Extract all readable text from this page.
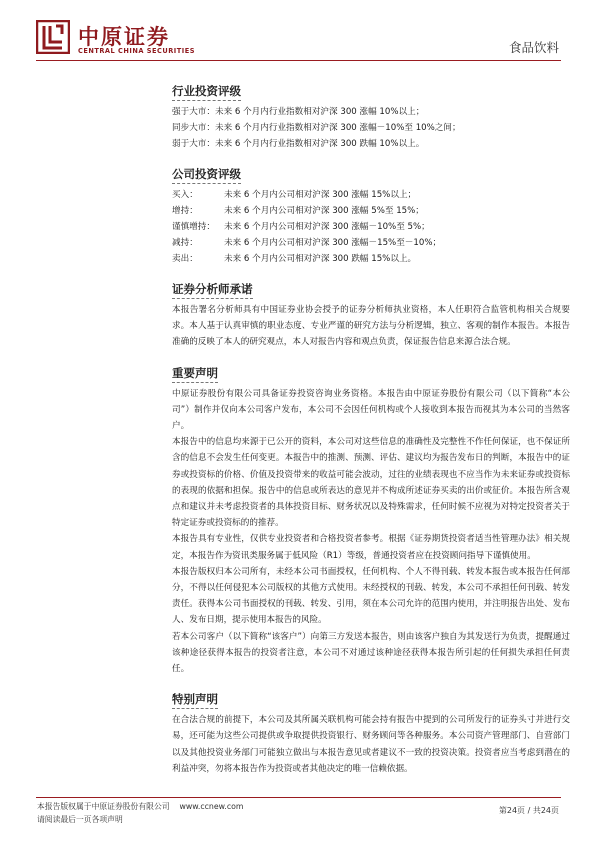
中原证券
CENTRAL CHINA SECURITIES	食品饮料
行业投资评级
强于大市：未来 6 个月内行业指数相对沪深 300 涨幅 10%以上；
同步大市：未来 6 个月内行业指数相对沪深 300 涨幅－10%至 10%之间；
弱于大市：未来 6 个月内行业指数相对沪深 300 跌幅 10%以上。
公司投资评级
买入：	未来 6 个月内公司相对沪深 300 涨幅 15%以上；
增持：	未来 6 个月内公司相对沪深 300 涨幅 5%至 15%；
谨慎增持： 未来 6 个月内公司相对沪深 300 涨幅－10%至 5%；
减持：	未来 6 个月内公司相对沪深 300 涨幅－15%至－10%；
卖出：	未来 6 个月内公司相对沪深 300 跌幅 15%以上。
证券分析师承诺
本报告署名分析师具有中国证券业协会授予的证券分析师执业资格，本人任职符合监管机构相关合规要求。本人基于认真审慎的职业态度、专业严谨的研究方法与分析逻辑，独立、客观的制作本报告。本报告准确的反映了本人的研究观点，本人对报告内容和观点负责，保证报告信息来源合法合规。
重要声明
中原证券股份有限公司具备证券投资咨询业务资格。本报告由中原证券股份有限公司（以下简称“本公司”）制作并仅向本公司客户发布，本公司不会因任何机构或个人接收到本报告而视其为本公司的当然客户。
本报告中的信息均来源于已公开的资料，本公司对这些信息的准确性及完整性不作任何保证，也不保证所含的信息不会发生任何变更。本报告中的推测、预测、评估、建议均为报告发布日的判断，本报告中的证券或投资标的价格、价值及投资带来的收益可能会波动，过往的业绩表现也不应当作为未来证券或投资标的表现的依据和担保。报告中的信息或所表达的意见并不构成所述证券买卖的出价或征价。本报告所含观点和建议并未考虑投资者的具体投资目标、财务状况以及特殊需求，任何时候不应视为对特定投资者关于特定证券或投资标的的推荐。
本报告具有专业性，仅供专业投资者和合格投资者参考。根据《证券期货投资者适当性管理办法》相关规定，本报告作为资讯类服务属于低风险（R1）等级，普通投资者应在投资顾问指导下谨慎使用。
本报告版权归本公司所有，未经本公司书面授权，任何机构、个人不得刊载、转发本报告或本报告任何部分，不得以任何侵犯本公司版权的其他方式使用。未经授权的刊载、转发，本公司不承担任何刊载、转发责任。获得本公司书面授权的刊载、转发、引用，须在本公司允许的范围内使用，并注明报告出处、发布人、发布日期，提示使用本报告的风险。
若本公司客户（以下简称“该客户”）向第三方发送本报告，则由该客户独自为其发送行为负责，提醒通过该种途径获得本报告的投资者注意，本公司不对通过该种途径获得本报告所引起的任何损失承担任何责任。
特别声明
在合法合规的前提下，本公司及其所属关联机构可能会持有报告中提到的公司所发行的证券头寸并进行交易，还可能为这些公司提供或争取提供投资银行、财务顾问等各种服务。本公司资产管理部门、自营部门以及其他投资业务部门可能独立做出与本报告意见或者建议不一致的投资决策。投资者应当考虑到潜在的利益冲突，勿将本报告作为投资或者其他决定的唯一信赖依据。
本报告版权属于中原证券股份有限公司 www.ccnew.com
请阅读最后一页各项声明
第24页 / 共24页
